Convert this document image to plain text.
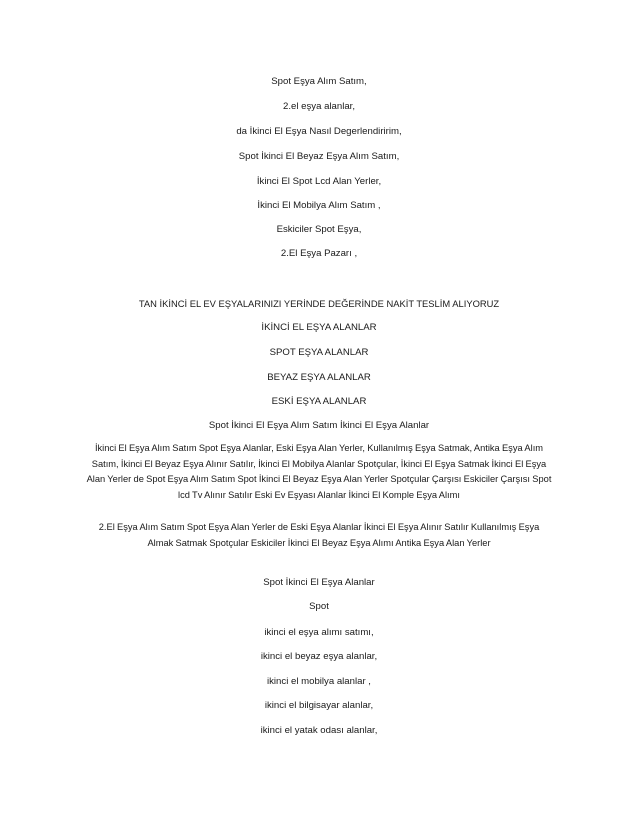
Spot Eşya Alım Satım,
2.el eşya alanlar,
da İkinci El Eşya Nasıl Degerlendiririm,
Spot İkinci El Beyaz Eşya Alım Satım,
İkinci El Spot Lcd Alan Yerler,
İkinci El Mobilya Alım Satım ,
Eskiciler Spot Eşya,
2.El Eşya Pazarı ,
TAN İKİNCİ EL EV EŞYALARINIZI YERİNDE DEĞERİNDE NAKİT TESLİM ALIYORUZ
İKİNCİ EL EŞYA ALANLAR
SPOT EŞYA ALANLAR
BEYAZ EŞYA ALANLAR
ESKİ EŞYA ALANLAR
Spot İkinci El Eşya Alım Satım İkinci El Eşya Alanlar
İkinci El Eşya Alım Satım Spot Eşya Alanlar, Eski Eşya Alan Yerler, Kullanılmış Eşya Satmak, Antika Eşya Alım Satım, İkinci El Beyaz Eşya Alınır Satılır, İkinci El Mobilya Alanlar Spotçular, İkinci El Eşya Satmak İkinci El Eşya Alan Yerler de Spot Eşya Alım Satım Spot İkinci El Beyaz Eşya Alan Yerler Spotçular Çarşısı Eskiciler Çarşısı Spot lcd Tv Alınır Satılır Eski Ev Eşyası Alanlar İkinci El Komple Eşya Alımı
2.El Eşya Alım Satım Spot Eşya Alan Yerler de Eski Eşya Alanlar İkinci El Eşya Alınır Satılır Kullanılmış Eşya Almak Satmak Spotçular Eskiciler İkinci El Beyaz Eşya Alımı Antika Eşya Alan Yerler
Spot İkinci El Eşya Alanlar
Spot
ikinci el eşya alımı satımı,
ikinci el beyaz eşya alanlar,
ikinci el mobilya alanlar ,
ikinci el bilgisayar alanlar,
ikinci el yatak odası alanlar,
